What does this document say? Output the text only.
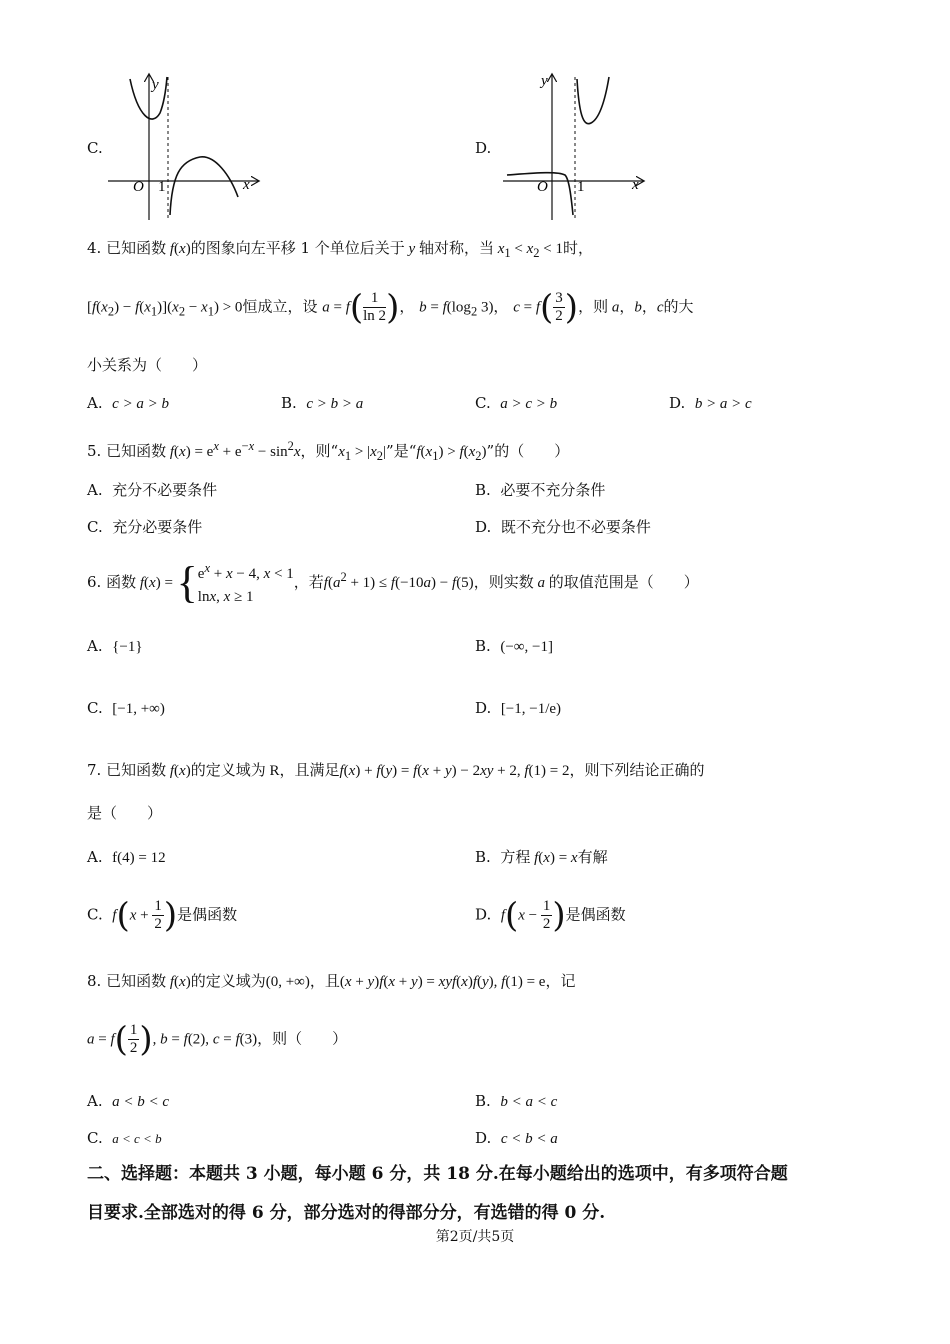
C.
y
x
O 1
D.
y
x
O 1
4. 已知函数 f(x)的图象向左平移 1 个单位后关于 y 轴对称，当 $x_1 < x_2 < 1$时，
$[f(x_2) - f(x_1)](x_2 - x_1) > 0$恒成立，设 $a = f( \frac{1}{\ln 2}$ )， $b = f(\log_2$ 3)， $c = f( \frac{3}{2}$ )，则 a，b，c的大
小关系为（　　）
A. c > a > b	B. c > b > a	C. a > c > b	D. b > a > c
5. 已知函数 $f(x) = e^x + e^{-x} - \sin^2x$，则“$x_1 > |x_2|$”是“$f(x_1) > f(x_2)$”的（　　）
A. 充分不必要条件	B. 必要不充分条件
C. 充分必要条件	D. 既不充分也不必要条件
6. 函数 f(x) = { $e^x + x - 4$, x < 1
lnx, x ≥ 1
，若$f(a^2 + 1) \le f(-10a) - f(5)$，则实数 a 的取值范围是（　　）
A. {−1}	B. (−∞, −1]
C. [−1, +∞)	D. [−1, −1/e)
7. 已知函数 f(x)的定义域为 R，且满足f(x) + f(y) = f(x + y) − 2xy + 2, f(1) = 2，则下列结论正确的
是（　　）
A. f(4) = 12	B. 方程 f(x) = x有解
C. $f(x + \frac{1}{2}$ )是偶函数	D. $f(x - \frac{1}{2}$ )是偶函数
8. 已知函数 f(x)的定义域为(0, +∞)，且(x + y)f(x + y) = xyf(x)f(y), f(1) = e，记
$a = f( \frac{1}{2}$ ), b = f(2), c = f(3)，则（　　）
A. a < b < c	B. b < a < c
C. a < c < b	D. c < b < a
二、选择题：本题共 3 小题，每小题 6 分，共 18 分.在每小题给出的选项中，有多项符合题
目要求.全部选对的得 6 分，部分选对的得部分分，有选错的得 0 分.
第2页/共5页
